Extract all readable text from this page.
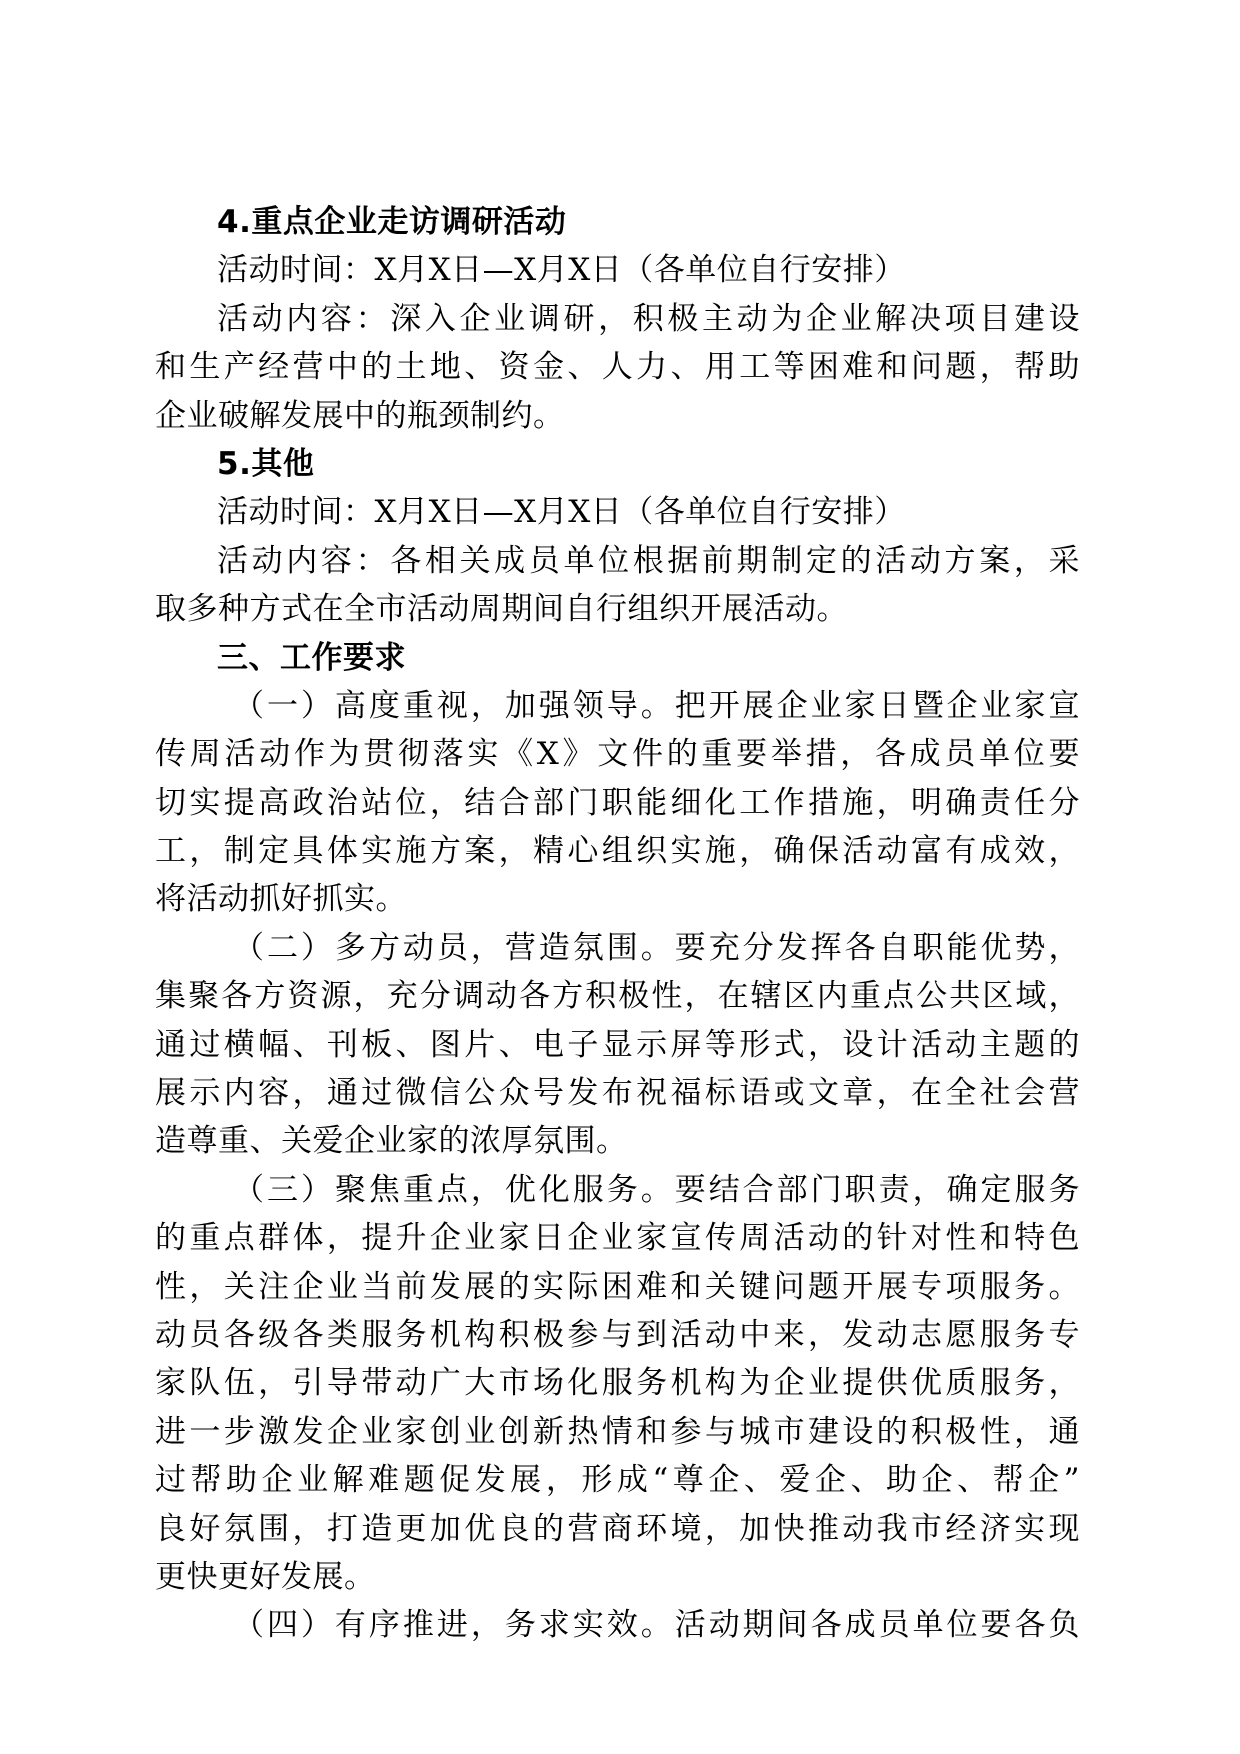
4.重点企业走访调研活动
活动时间：X月X日—X月X日（各单位自行安排）
活动内容：深入企业调研，积极主动为企业解决项目建设
和生产经营中的土地、资金、人力、用工等困难和问题，帮助
企业破解发展中的瓶颈制约。
5.其他
活动时间：X月X日—X月X日（各单位自行安排）
活动内容：各相关成员单位根据前期制定的活动方案，采
取多种方式在全市活动周期间自行组织开展活动。
三、工作要求
（一）高度重视，加强领导。把开展企业家日暨企业家宣
传周活动作为贯彻落实《X》文件的重要举措，各成员单位要
切实提高政治站位，结合部门职能细化工作措施，明确责任分
工，制定具体实施方案，精心组织实施，确保活动富有成效，
将活动抓好抓实。
（二）多方动员，营造氛围。要充分发挥各自职能优势，
集聚各方资源，充分调动各方积极性，在辖区内重点公共区域，
通过横幅、刊板、图片、电子显示屏等形式，设计活动主题的
展示内容，通过微信公众号发布祝福标语或文章，在全社会营
造尊重、关爱企业家的浓厚氛围。
（三）聚焦重点，优化服务。要结合部门职责，确定服务
的重点群体，提升企业家日企业家宣传周活动的针对性和特色
性，关注企业当前发展的实际困难和关键问题开展专项服务。
动员各级各类服务机构积极参与到活动中来，发动志愿服务专
家队伍，引导带动广大市场化服务机构为企业提供优质服务，
进一步激发企业家创业创新热情和参与城市建设的积极性，通
过帮助企业解难题促发展，形成“尊企、爱企、助企、帮企”
良好氛围，打造更加优良的营商环境，加快推动我市经济实现
更快更好发展。
（四）有序推进，务求实效。活动期间各成员单位要各负
